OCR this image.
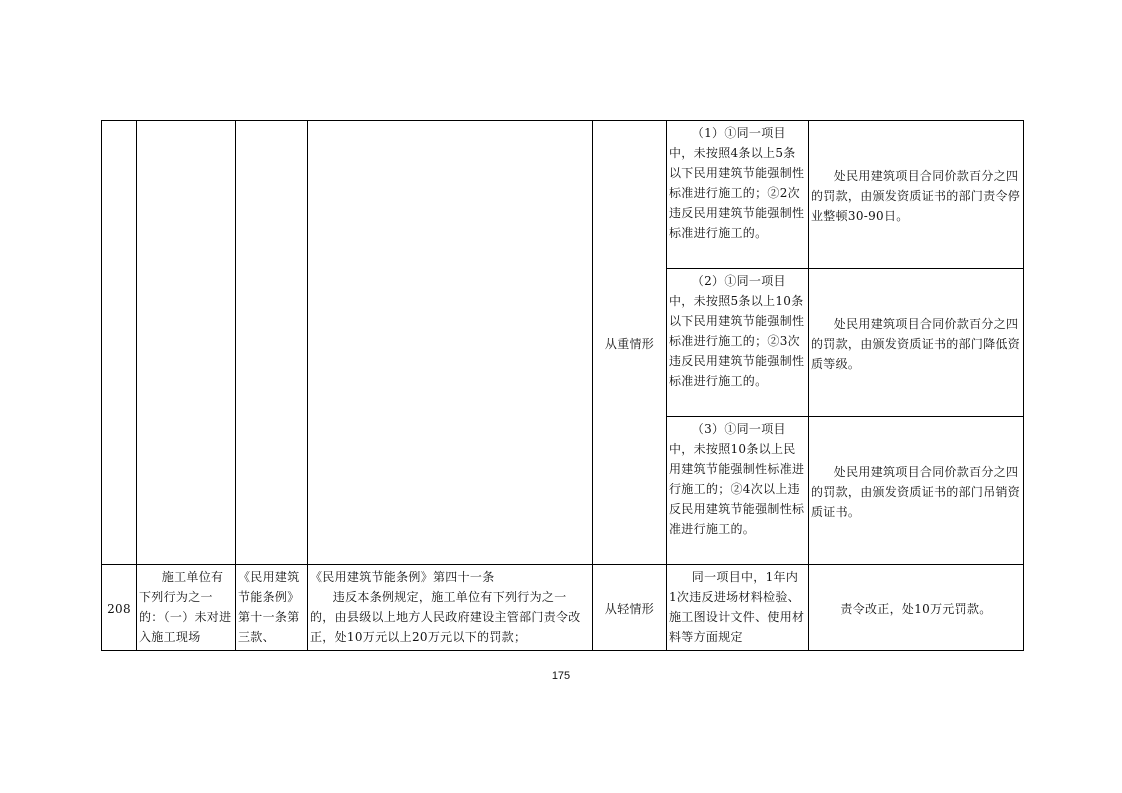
				从重情形	（1）①同一项目中，未按照4条以上5条以下民用建筑节能强制性标准进行施工的；②2次违反民用建筑节能强制性标准进行施工的。	处民用建筑项目合同价款百分之四的罚款，由颁发资质证书的部门责令停业整顿30-90日。
					（2）①同一项目中，未按照5条以上10条以下民用建筑节能强制性标准进行施工的；②3次违反民用建筑节能强制性标准进行施工的。	处民用建筑项目合同价款百分之四的罚款，由颁发资质证书的部门降低资质等级。
					（3）①同一项目中，未按照10条以上民用建筑节能强制性标准进行施工的；②4次以上违反民用建筑节能强制性标准进行施工的。	处民用建筑项目合同价款百分之四的罚款，由颁发资质证书的部门吊销资质证书。
208	施工单位有下列行为之一的：（一）未对进入施工现场	《民用建筑节能条例》第十一条第三款、	《民用建筑节能条例》第四十一条
违反本条例规定，施工单位有下列行为之一的，由县级以上地方人民政府建设主管部门责令改正，处10万元以上20万元以下的罚款；	从轻情形	同一项目中，1年内1次违反进场材料检验、施工图设计文件、使用材料等方面规定	责令改正，处10万元罚款。
175
